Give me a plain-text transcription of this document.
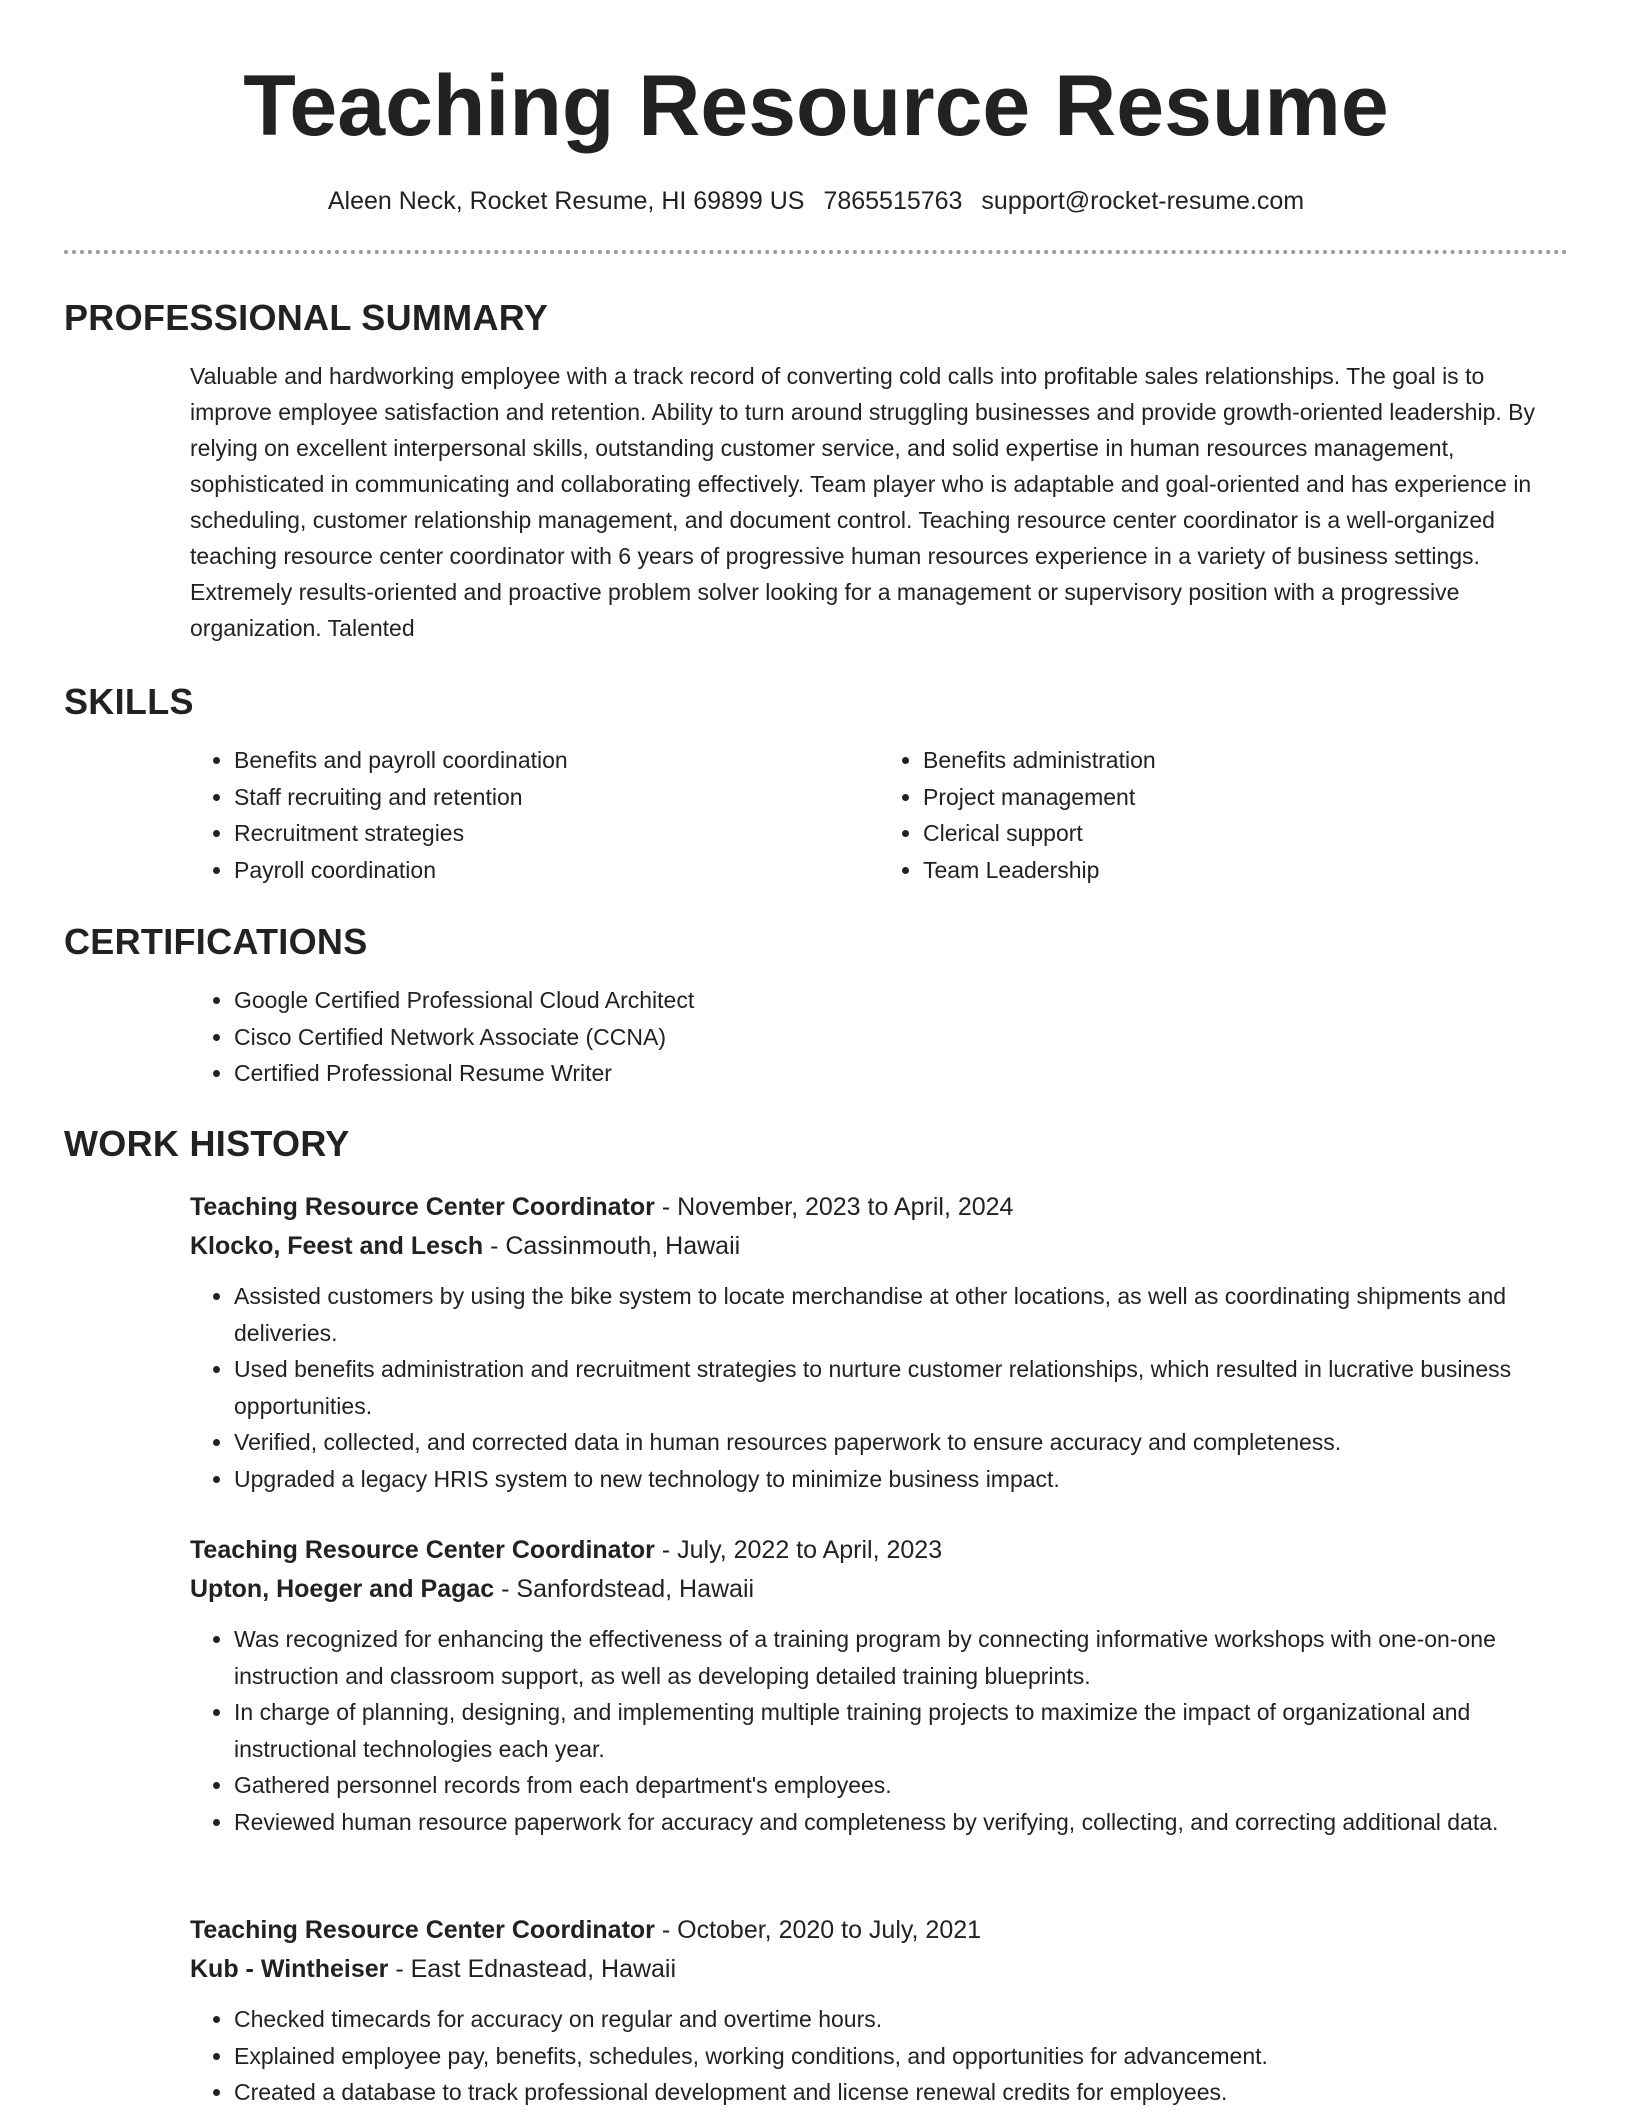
Teaching Resource Resume
Aleen Neck, Rocket Resume, HI 69899 US 7865515763 support@rocket-resume.com
PROFESSIONAL SUMMARY
Valuable and hardworking employee with a track record of converting cold calls into profitable sales relationships. The goal is to improve employee satisfaction and retention. Ability to turn around struggling businesses and provide growth-oriented leadership. By relying on excellent interpersonal skills, outstanding customer service, and solid expertise in human resources management, sophisticated in communicating and collaborating effectively. Team player who is adaptable and goal-oriented and has experience in scheduling, customer relationship management, and document control. Teaching resource center coordinator is a well-organized teaching resource center coordinator with 6 years of progressive human resources experience in a variety of business settings. Extremely results-oriented and proactive problem solver looking for a management or supervisory position with a progressive organization. Talented
SKILLS
• Benefits and payroll coordination
• Staff recruiting and retention
• Recruitment strategies
• Payroll coordination
• Benefits administration
• Project management
• Clerical support
• Team Leadership
CERTIFICATIONS
• Google Certified Professional Cloud Architect
• Cisco Certified Network Associate (CCNA)
• Certified Professional Resume Writer
WORK HISTORY
Teaching Resource Center Coordinator - November, 2023 to April, 2024
Klocko, Feest and Lesch - Cassinmouth, Hawaii
• Assisted customers by using the bike system to locate merchandise at other locations, as well as coordinating shipments and deliveries.
• Used benefits administration and recruitment strategies to nurture customer relationships, which resulted in lucrative business opportunities.
• Verified, collected, and corrected data in human resources paperwork to ensure accuracy and completeness.
• Upgraded a legacy HRIS system to new technology to minimize business impact.
Teaching Resource Center Coordinator - July, 2022 to April, 2023
Upton, Hoeger and Pagac - Sanfordstead, Hawaii
• Was recognized for enhancing the effectiveness of a training program by connecting informative workshops with one-on-one instruction and classroom support, as well as developing detailed training blueprints.
• In charge of planning, designing, and implementing multiple training projects to maximize the impact of organizational and instructional technologies each year.
• Gathered personnel records from each department's employees.
• Reviewed human resource paperwork for accuracy and completeness by verifying, collecting, and correcting additional data.
Teaching Resource Center Coordinator - October, 2020 to July, 2021
Kub - Wintheiser - East Ednastead, Hawaii
• Checked timecards for accuracy on regular and overtime hours.
• Explained employee pay, benefits, schedules, working conditions, and opportunities for advancement.
• Created a database to track professional development and license renewal credits for employees.
